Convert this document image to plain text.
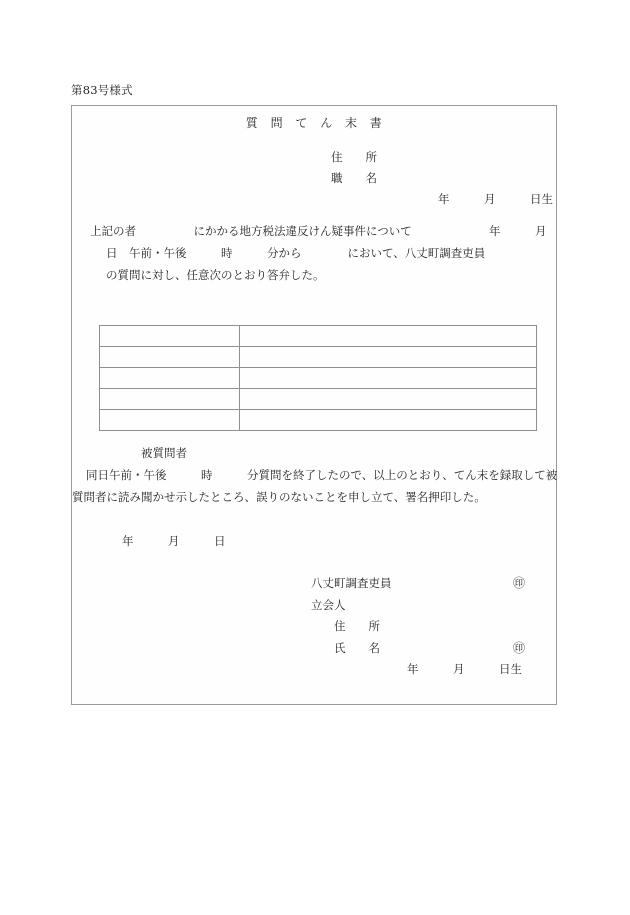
第83号様式
質　問　て　ん　末　書
住　　所
職　　名
年　　　月　　　日生
上記の者　　　　　にかかる地方税法違反けん疑事件について	年　　　月
日　午前・午後　　　時　　　分から　　　　において、八丈町調査吏員
の質問に対し、任意次のとおり答弁した。

被質問者
同日午前・午後　　　時　　　分質問を終了したので、以上のとおり、てん末を録取して被
質問者に読み聞かせ示したところ、誤りのないことを申し立て、署名押印した。
年　　　月　　　日
八丈町調査吏員	㊞
立会人
住　　所
氏　　名	㊞
年　　　月　　　日生
